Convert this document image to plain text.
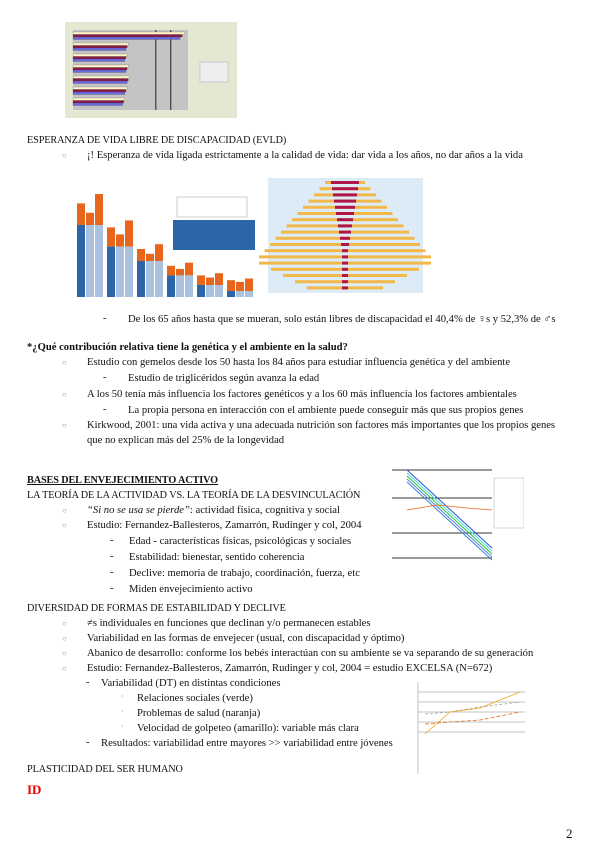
ESPERANZA DE VIDA LIBRE DE DISCAPACIDAD (EVLD)
○ ¡! Esperanza de vida ligada estrictamente a la calidad de vida: dar vida a los años, no dar años a la vida
- De los 65 años hasta que se mueran, solo están libres de discapacidad el 40,4% de ♀s y 52,3% de ♂s
*¿Qué contribución relativa tiene la genética y el ambiente en la salud?
○ Estudio con gemelos desde los 50 hasta los 84 años para estudiar influencia genética y del ambiente
- Estudio de triglicéridos según avanza la edad
○ A los 50 tenía más influencia los factores genéticos y a los 60 más influencia los factores ambientales
- La propia persona en interacción con el ambiente puede conseguir más que sus propios genes
○ Kirkwood, 2001: una vida activa y una adecuada nutrición son factores más importantes que los propios genes
que no explican más del 25% de la longevidad
BASES DEL ENVEJECIMIENTO ACTIVO
LA TEORÍA DE LA ACTIVIDAD VS. LA TEORÍA DE LA DESVINCULACIÓN
○ “Si no se usa se pierde”: actividad física, cognitiva y social
○ Estudio: Fernandez-Ballesteros, Zamarrón, Rudinger y col, 2004
- Edad - características físicas, psicológicas y sociales
- Estabilidad: bienestar, sentido coherencia
- Declive: memoria de trabajo, coordinación, fuerza, etc
- Miden envejecimiento activo
DIVERSIDAD DE FORMAS DE ESTABILIDAD Y DECLIVE
○ ≠s individuales en funciones que declinan y/o permanecen estables
○ Variabilidad en las formas de envejecer (usual, con discapacidad y óptimo)
○ Abanico de desarrollo: conforme los bebés interactúan con su ambiente se va separando de su generación
○ Estudio: Fernandez-Ballesteros, Zamarrón, Rudinger y col, 2004 = estudio EXCELSA (N=672)
- Variabilidad (DT) en distintas condiciones
· Relaciones sociales (verde)
· Problemas de salud (naranja)
· Velocidad de golpeteo (amarillo): variable más clara
- Resultados: variabilidad entre mayores >> variabilidad entre jóvenes
PLASTICIDAD DEL SER HUMANO
ID
2
